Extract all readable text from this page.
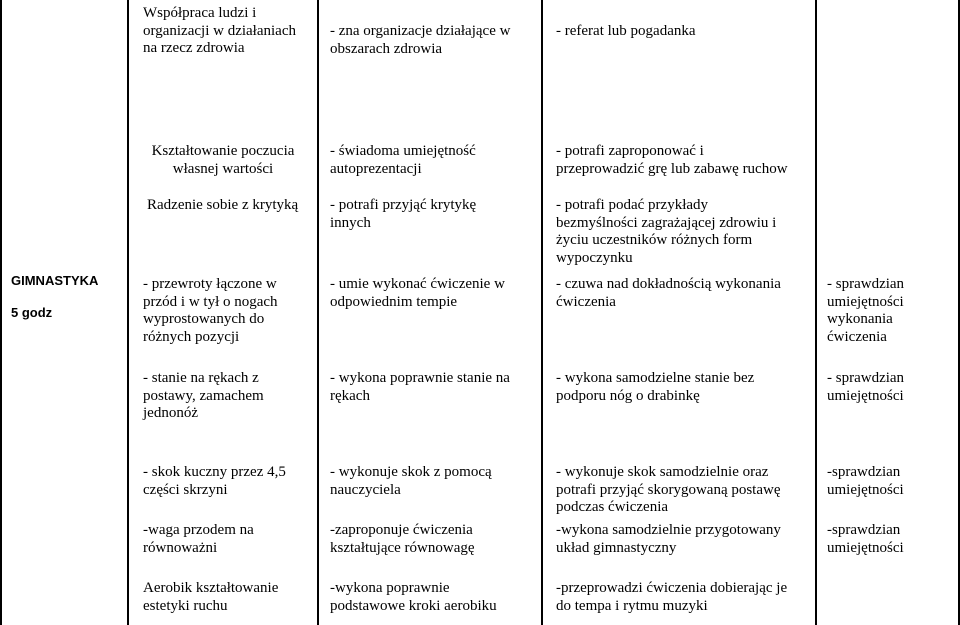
GIMNASTYKA
5 godz
Współpraca ludzi i
organizacji w działaniach
na rzecz zdrowia
- zna organizacje działające w
obszarach zdrowia
- referat lub pogadanka
Kształtowanie poczucia
własnej wartości
- świadoma umiejętność
autoprezentacji
- potrafi zaproponować i
przeprowadzić grę lub zabawę ruchow
Radzenie sobie z krytyką - potrafi przyjąć krytykę
innych
- potrafi podać przykłady
bezmyślności zagrażającej zdrowiu i
życiu uczestników różnych form
wypoczynku
- przewroty łączone w
przód i w tył o nogach
wyprostowanych do
różnych pozycji
- umie wykonać ćwiczenie w
odpowiednim tempie
- czuwa nad dokładnością wykonania
ćwiczenia
- sprawdzian
umiejętności
wykonania
ćwiczenia
- stanie na rękach z
postawy, zamachem
jednonóż
- wykona poprawnie stanie na
rękach
- wykona samodzielne stanie bez
podporu nóg o drabinkę
- sprawdzian
umiejętności
- skok kuczny przez 4,5
części skrzyni
- wykonuje skok z pomocą
nauczyciela
- wykonuje skok samodzielnie oraz
potrafi przyjąć skorygowaną postawę
podczas ćwiczenia
-sprawdzian
umiejętności
-waga przodem na
równoważni
-zaproponuje ćwiczenia
kształtujące równowagę
-wykona samodzielnie przygotowany
układ gimnastyczny
-sprawdzian
umiejętności
Aerobik kształtowanie
estetyki ruchu
-wykona poprawnie
podstawowe kroki aerobiku
-przeprowadzi ćwiczenia dobierając je
do tempa i rytmu muzyki
